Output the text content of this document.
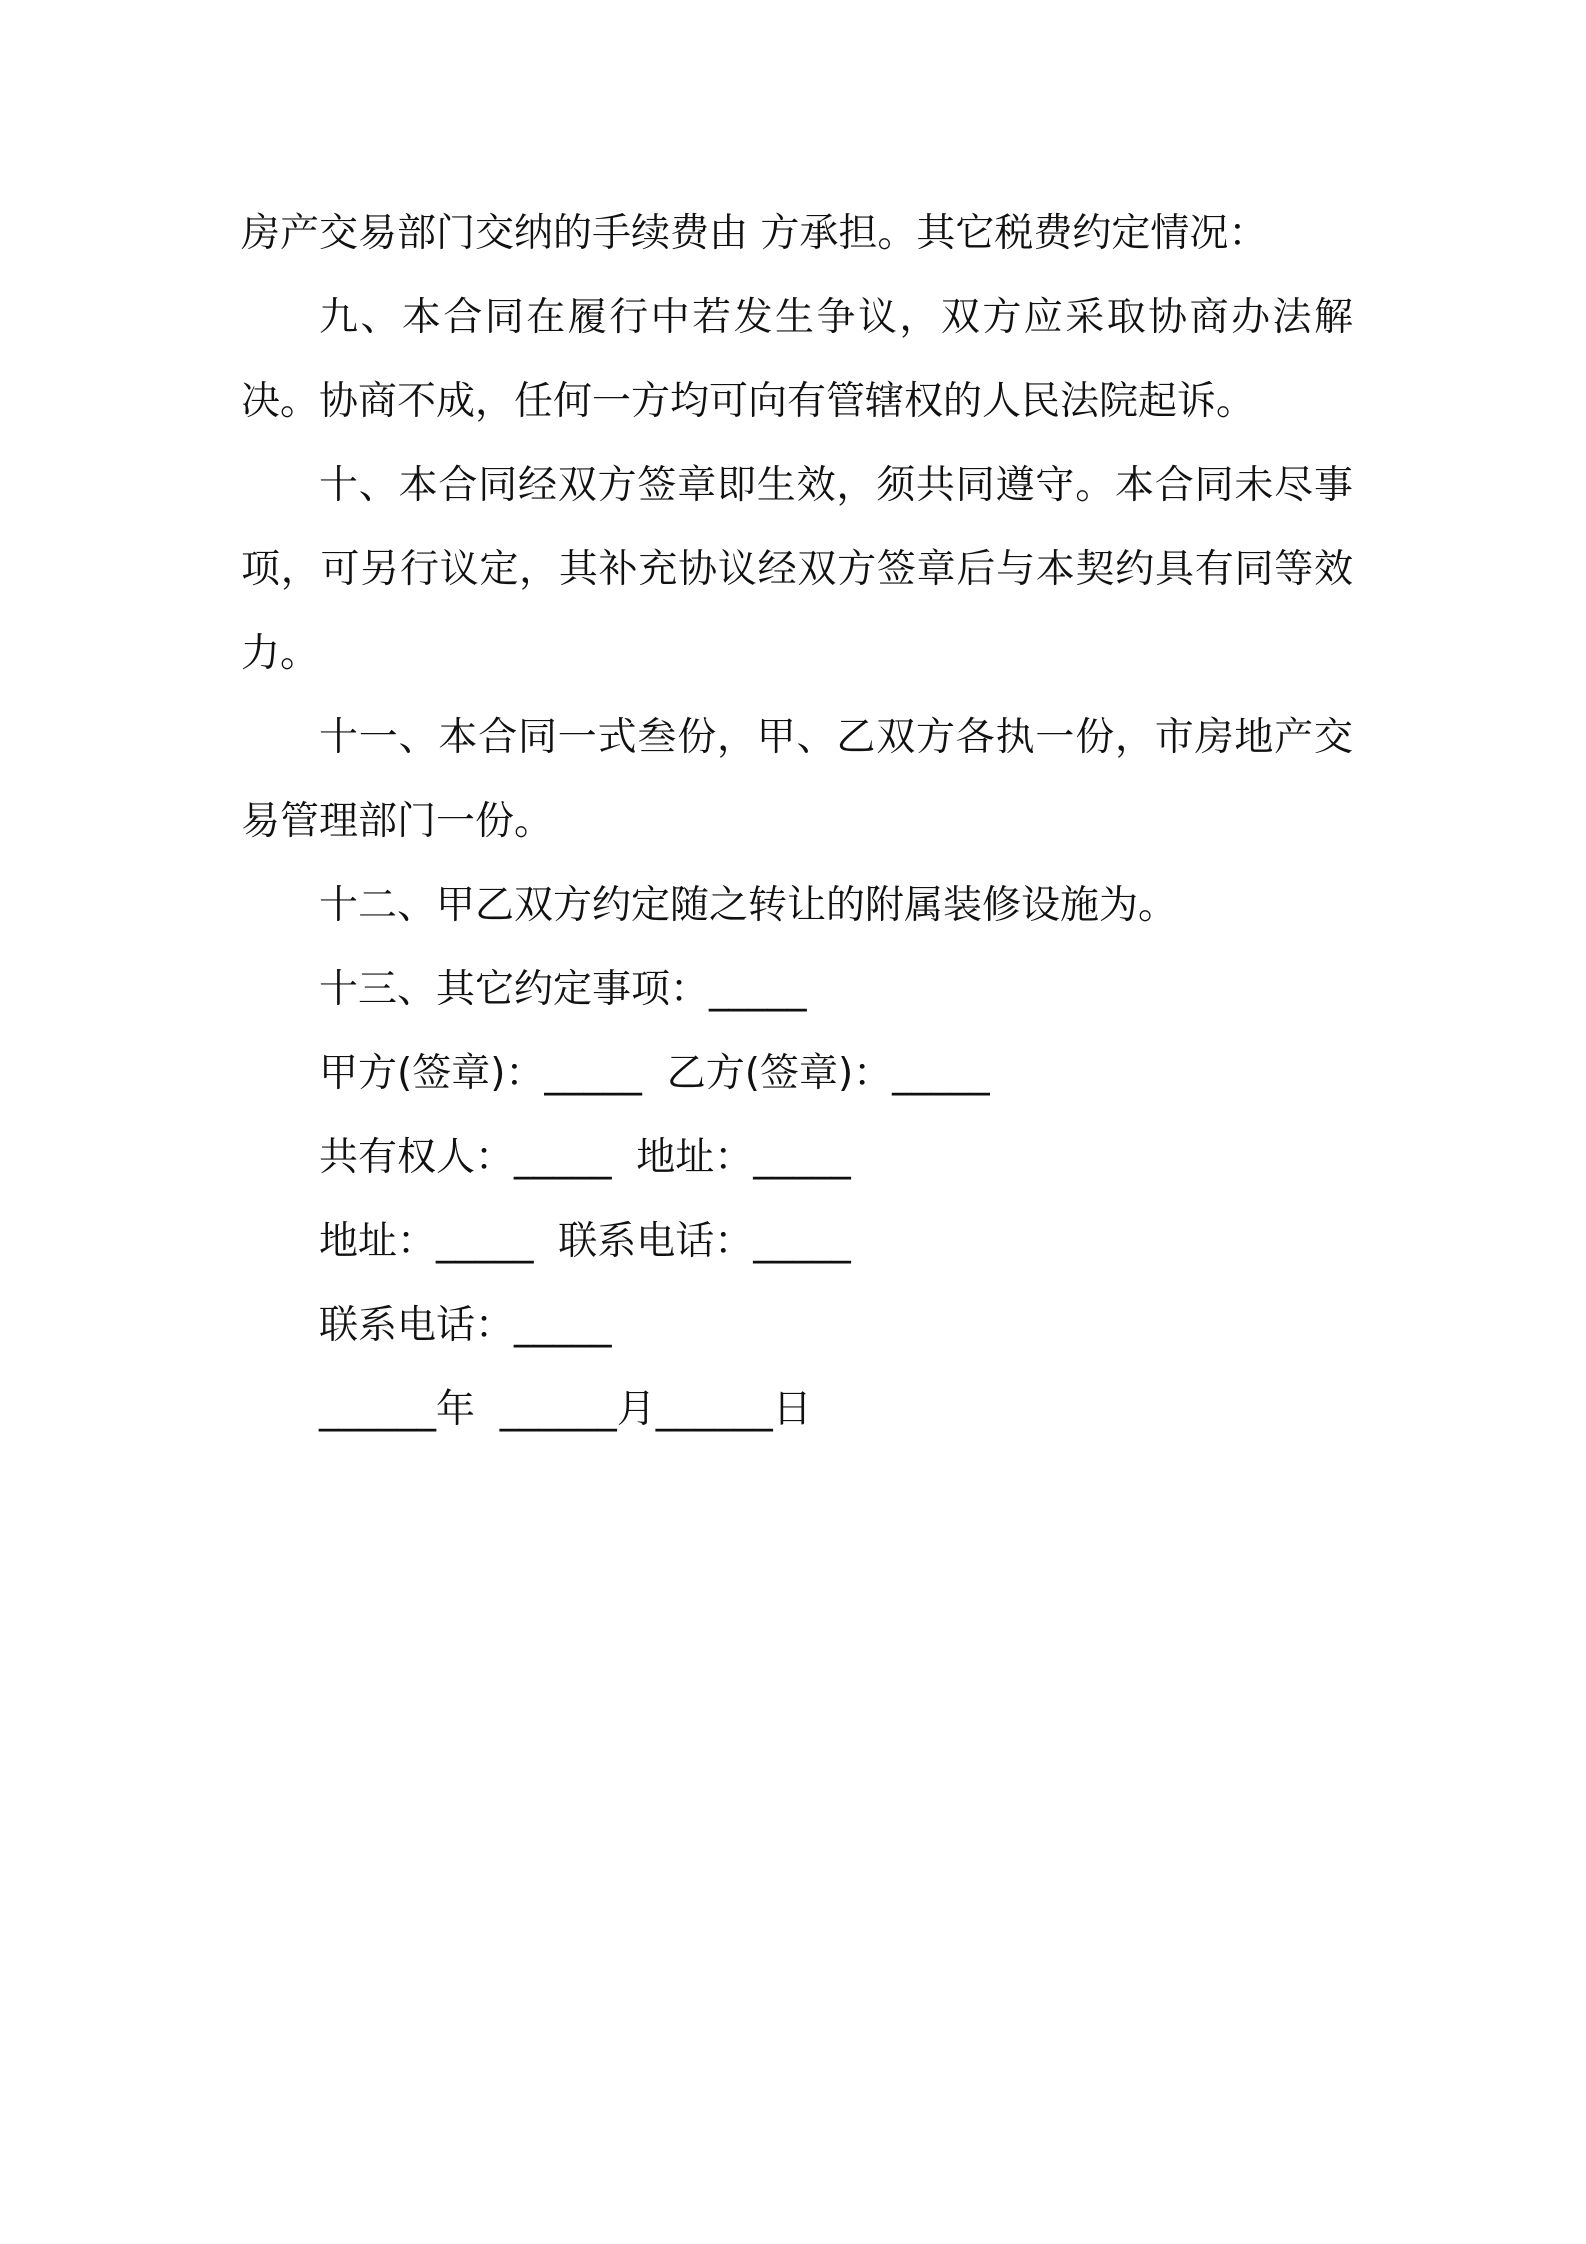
房产交易部门交纳的手续费由 方承担。其它税费约定情况：

九、本合同在履行中若发生争议，双方应采取协商办法解决。协商不成，任何一方均可向有管辖权的人民法院起诉。

十、本合同经双方签章即生效，须共同遵守。本合同未尽事项，可另行议定，其补充协议经双方签章后与本契约具有同等效力。

十一、本合同一式叁份，甲、乙双方各执一份，市房地产交易管理部门一份。

十二、甲乙双方约定随之转让的附属装修设施为。

十三、其它约定事项：_____
甲方(签章)：_____  乙方(签章)：_____
共有权人：_____  地址：_____
地址：_____  联系电话：_____
联系电话：_____
______年  ______月______日
